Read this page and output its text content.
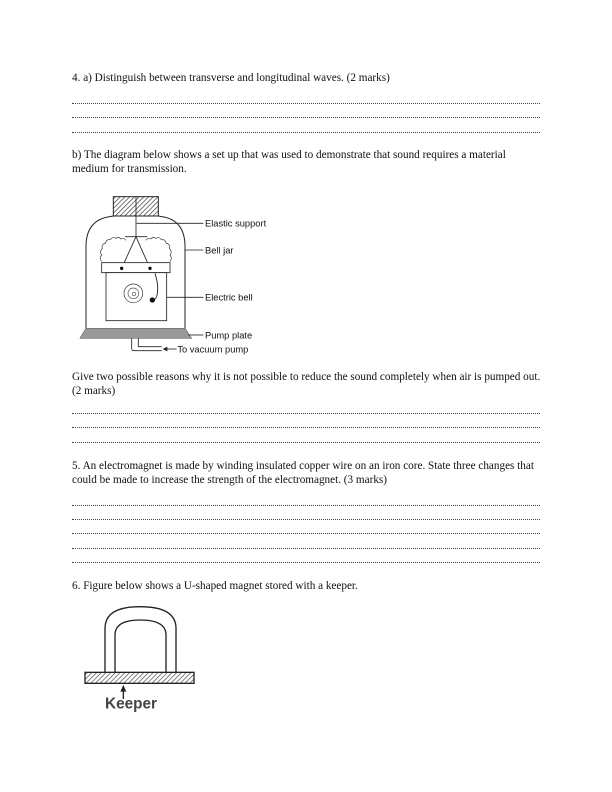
4. a) Distinguish between transverse and longitudinal waves. (2 marks)
b) The diagram below shows a set up that was used to demonstrate that sound requires a material medium for transmission.
Elastic support
Bell jar
Electric bell
Pump plate
To vacuum pump
Give two possible reasons why it is not possible to reduce the sound completely when air is pumped out. (2 marks)
5. An electromagnet is made by winding insulated copper wire on an iron core. State three changes that could be made to increase the strength of the electromagnet. (3 marks)
6. Figure below shows a U-shaped magnet stored with a keeper.
Keeper
